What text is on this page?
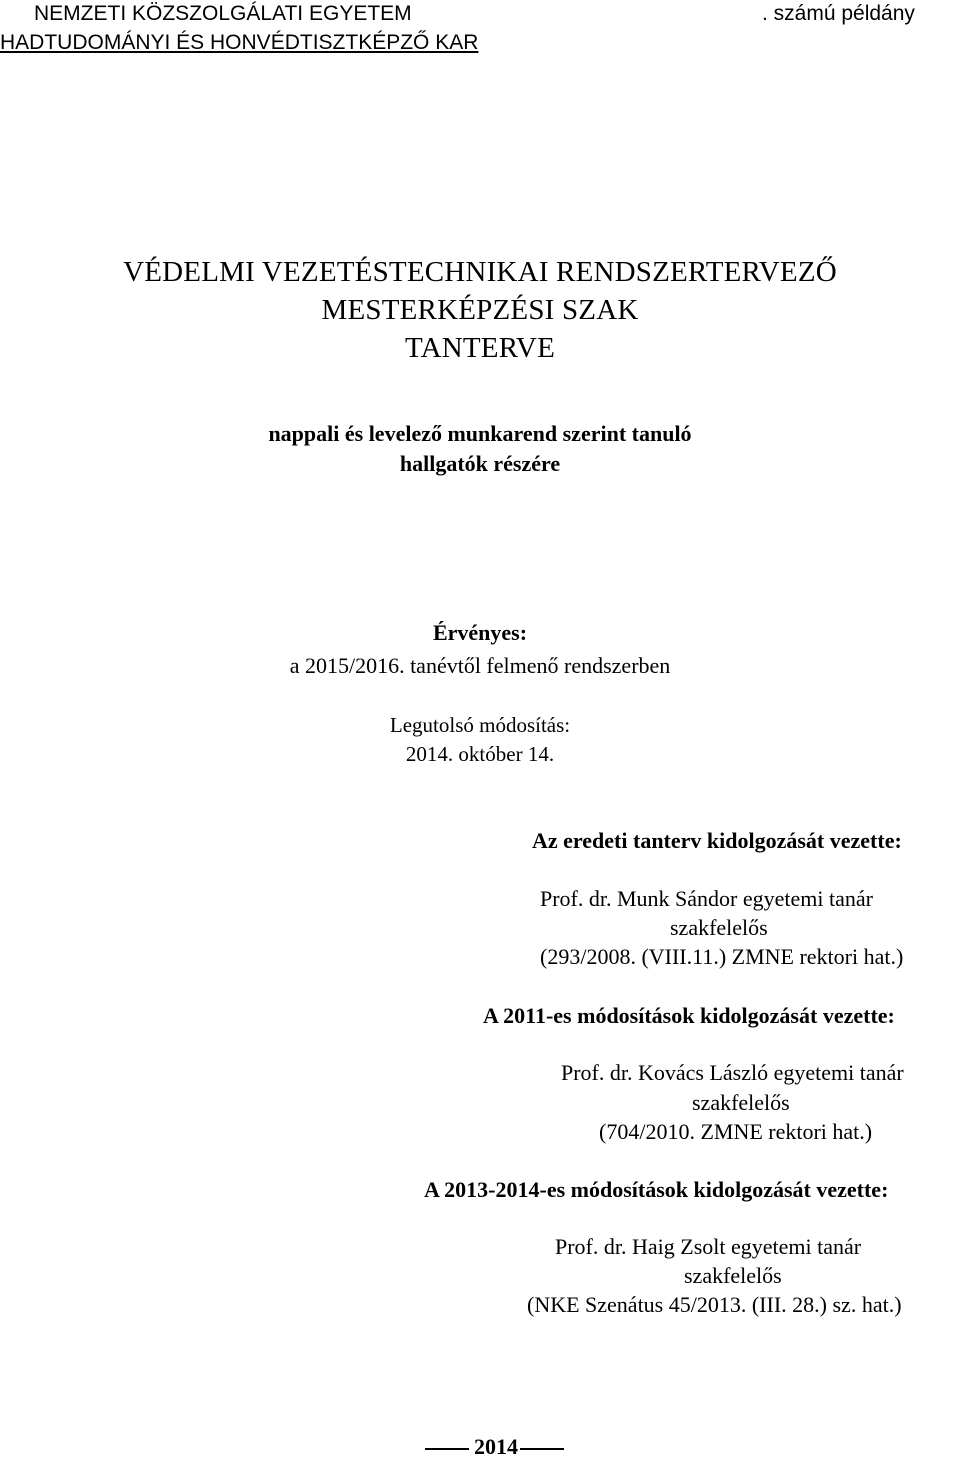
NEMZETI KÖZSZOLGÁLATI EGYETEM
HADTUDOMÁNYI ÉS HONVÉDTISZTKÉPZŐ KAR
. számú példány
VÉDELMI VEZETÉSTECHNIKAI RENDSZERTERVEZŐ
MESTERKÉPZÉSI SZAK
TANTERVE
nappali és levelező munkarend szerint tanuló
hallgatók részére
Érvényes:
a 2015/2016. tanévtől felmenő rendszerben
Legutolsó módosítás:
2014. október 14.
Az eredeti tanterv kidolgozását vezette:
Prof. dr. Munk Sándor egyetemi tanár
szakfelelős
(293/2008. (VIII.11.) ZMNE rektori hat.)
A 2011-es módosítások kidolgozását vezette:
Prof. dr. Kovács László egyetemi tanár
szakfelelős
(704/2010. ZMNE rektori hat.)
A 2013-2014-es módosítások kidolgozását vezette:
Prof. dr. Haig Zsolt egyetemi tanár
szakfelelős
(NKE Szenátus 45/2013. (III. 28.) sz. hat.)
2014
